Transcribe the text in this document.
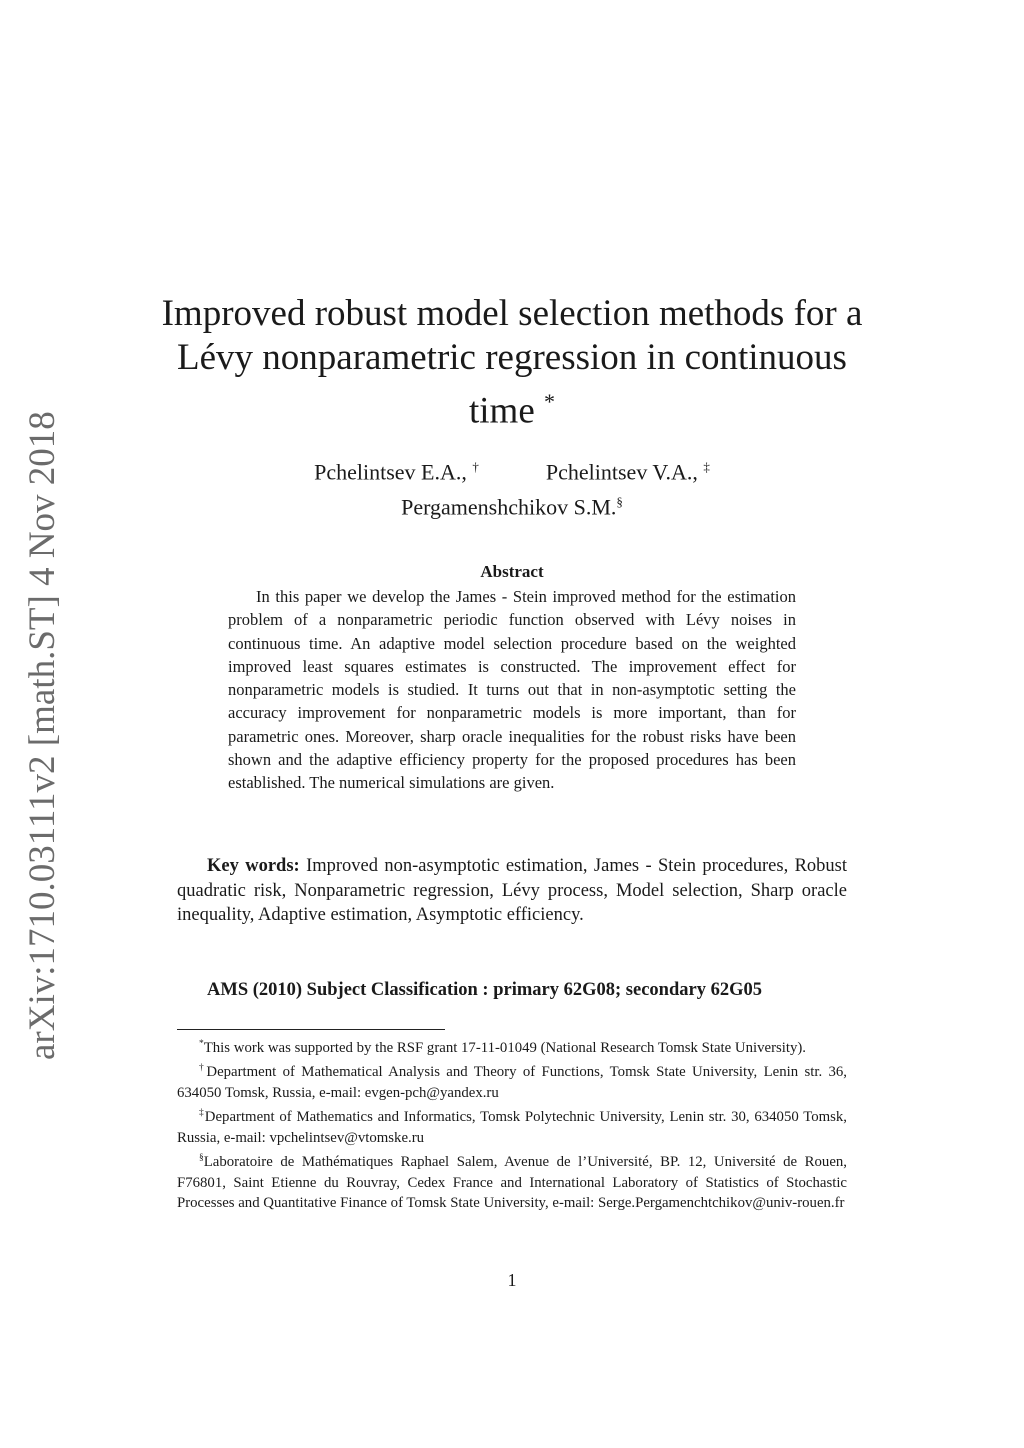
arXiv:1710.03111v2 [math.ST] 4 Nov 2018
Improved robust model selection methods for a
Lévy nonparametric regression in continuous
time *
Pchelintsev E.A., †	Pchelintsev V.A., ‡
Pergamenshchikov S.M.§
Abstract
In this paper we develop the James - Stein improved method for the estimation problem of a nonparametric periodic function observed with Lévy noises in continuous time. An adaptive model selection procedure based on the weighted improved least squares estimates is constructed. The improvement effect for nonparametric models is studied. It turns out that in non-asymptotic setting the accuracy improvement for nonparametric models is more important, than for parametric ones. Moreover, sharp oracle inequalities for the robust risks have been shown and the adaptive efficiency property for the proposed procedures has been established. The numerical simulations are given.
Key words: Improved non-asymptotic estimation, James - Stein procedures, Robust quadratic risk, Nonparametric regression, Lévy process, Model selection, Sharp oracle inequality, Adaptive estimation, Asymptotic efficiency.
AMS (2010) Subject Classification : primary 62G08; secondary 62G05
*This work was supported by the RSF grant 17-11-01049 (National Research Tomsk State University).
†Department of Mathematical Analysis and Theory of Functions, Tomsk State University, Lenin str. 36, 634050 Tomsk, Russia, e-mail: evgen-pch@yandex.ru
‡Department of Mathematics and Informatics, Tomsk Polytechnic University, Lenin str. 30, 634050 Tomsk, Russia, e-mail: vpchelintsev@vtomske.ru
§Laboratoire de Mathématiques Raphael Salem, Avenue de l’Université, BP. 12, Université de Rouen, F76801, Saint Etienne du Rouvray, Cedex France and International Laboratory of Statistics of Stochastic Processes and Quantitative Finance of Tomsk State University, e-mail: Serge.Pergamenchtchikov@univ-rouen.fr
1
